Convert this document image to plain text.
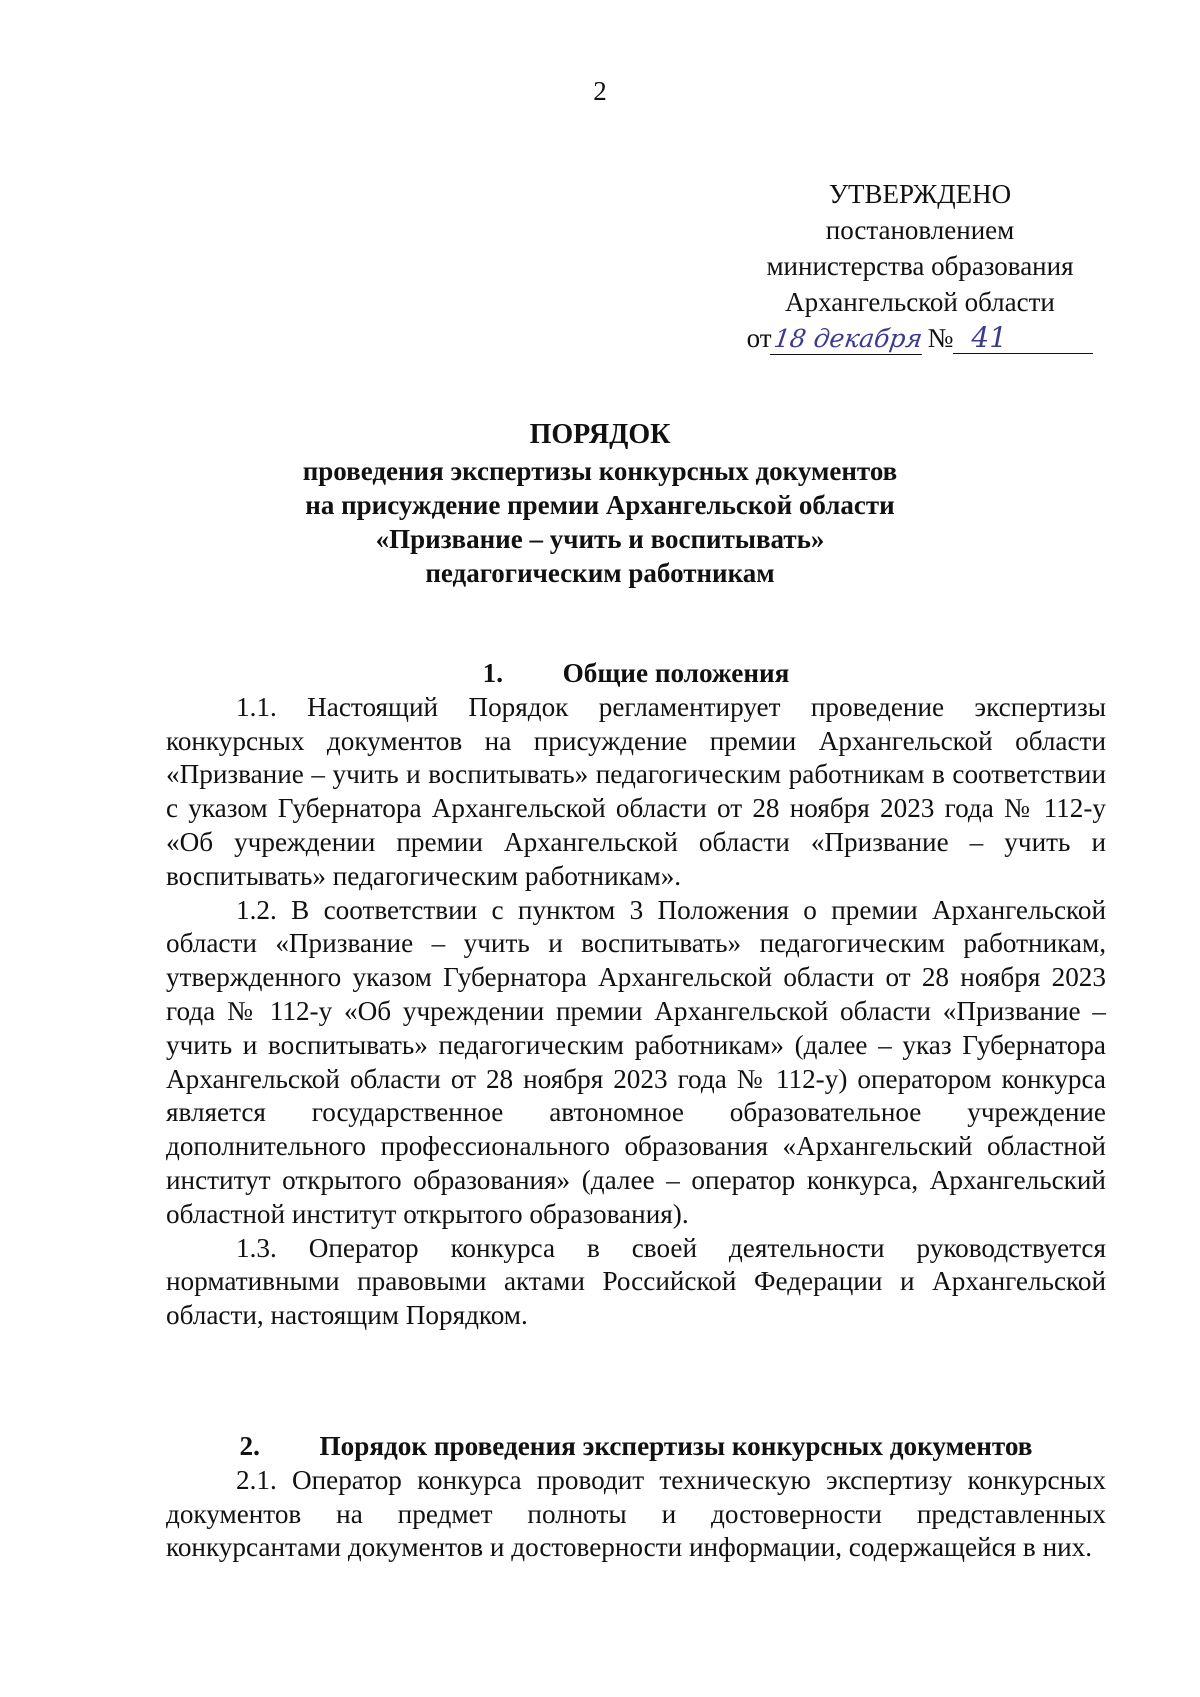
2
УТВЕРЖДЕНО
постановлением
министерства образования
Архангельской области
от 18 декабря № 41
ПОРЯДОК
проведения экспертизы конкурсных документов
на присуждение премии Архангельской области
«Призвание – учить и воспитывать»
педагогическим работникам
1. Общие положения

1.1. Настоящий Порядок регламентирует проведение экспертизы конкурсных документов на присуждение премии Архангельской области «Призвание – учить и воспитывать» педагогическим работникам в соответствии с указом Губернатора Архангельской области от 28 ноября 2023 года № 112-у «Об учреждении премии Архангельской области «Призвание – учить и воспитывать» педагогическим работникам».

1.2. В соответствии с пунктом 3 Положения о премии Архангельской области «Призвание – учить и воспитывать» педагогическим работникам, утвержденного указом Губернатора Архангельской области от 28 ноября 2023 года № 112-у «Об учреждении премии Архангельской области «Призвание – учить и воспитывать» педагогическим работникам» (далее – указ Губернатора Архангельской области от 28 ноября 2023 года № 112-у) оператором конкурса является государственное автономное образовательное учреждение дополнительного профессионального образования «Архангельский областной институт открытого образования» (далее – оператор конкурса, Архангельский областной институт открытого образования).

1.3. Оператор конкурса в своей деятельности руководствуется нормативными правовыми актами Российской Федерации и Архангельской области, настоящим Порядком.

2. Порядок проведения экспертизы конкурсных документов

2.1. Оператор конкурса проводит техническую экспертизу конкурсных документов на предмет полноты и достоверности представленных конкурсантами документов и достоверности информации, содержащейся в них.
